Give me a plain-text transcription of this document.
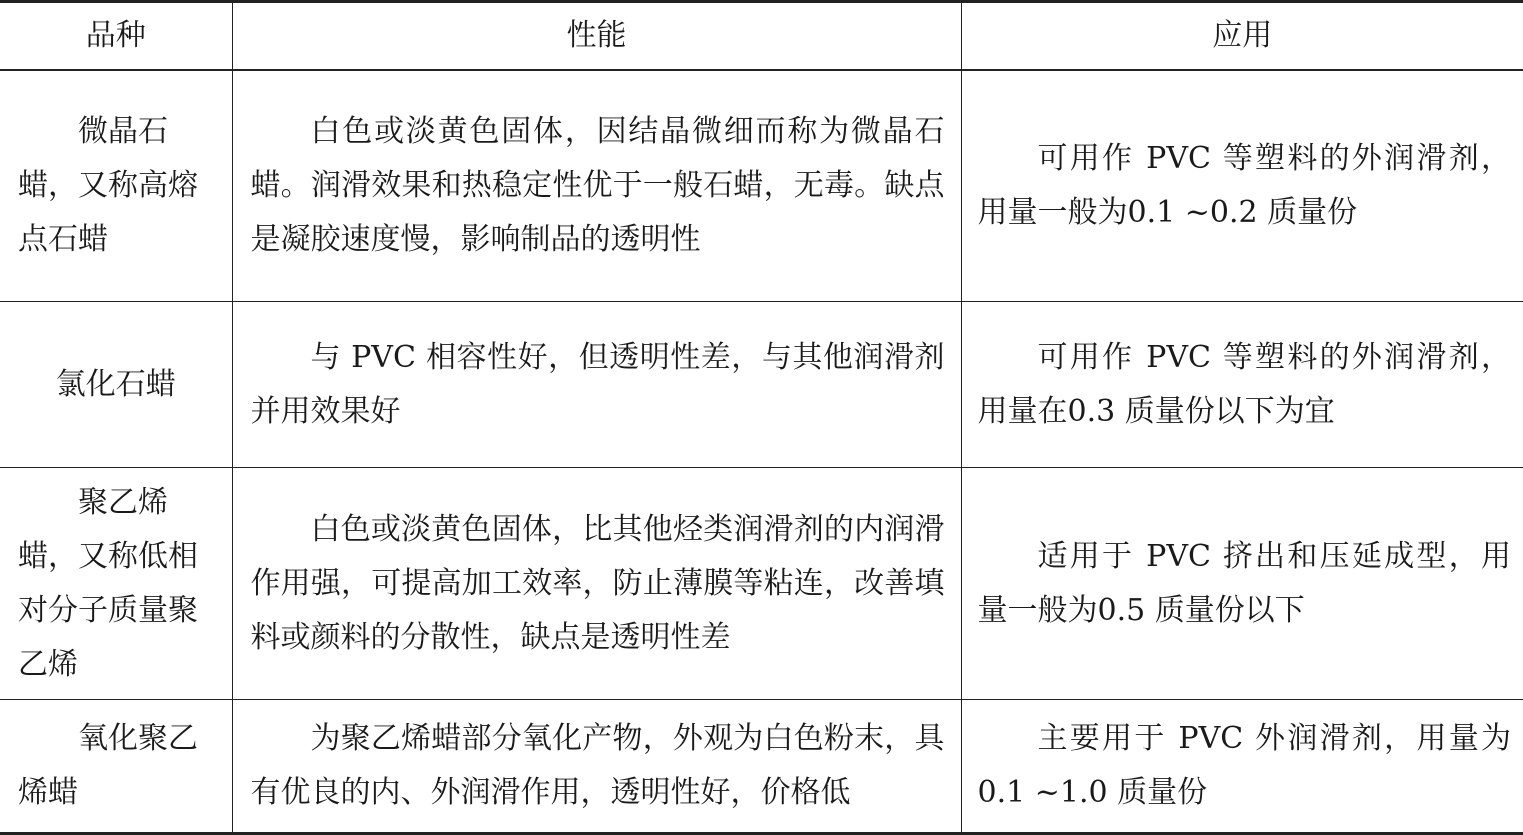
品种	性能	应用
微晶石蜡，又称高熔点石蜡	白色或淡黄色固体，因结晶微细而称为微晶石蜡。润滑效果和热稳定性优于一般石蜡，无毒。缺点是凝胶速度慢，影响制品的透明性	可用作 PVC 等塑料的外润滑剂，用量一般为0.1 ~0.2 质量份
氯化石蜡	与 PVC 相容性好，但透明性差，与其他润滑剂并用效果好	可用作 PVC 等塑料的外润滑剂，用量在0.3 质量份以下为宜
聚乙烯蜡，又称低相对分子质量聚乙烯	白色或淡黄色固体，比其他烃类润滑剂的内润滑作用强，可提高加工效率，防止薄膜等粘连，改善填料或颜料的分散性，缺点是透明性差	适用于 PVC 挤出和压延成型，用量一般为0.5 质量份以下
氧化聚乙烯蜡	为聚乙烯蜡部分氧化产物，外观为白色粉末，具有优良的内、外润滑作用，透明性好，价格低	主要用于 PVC 外润滑剂，用量为0.1 ~1.0 质量份
